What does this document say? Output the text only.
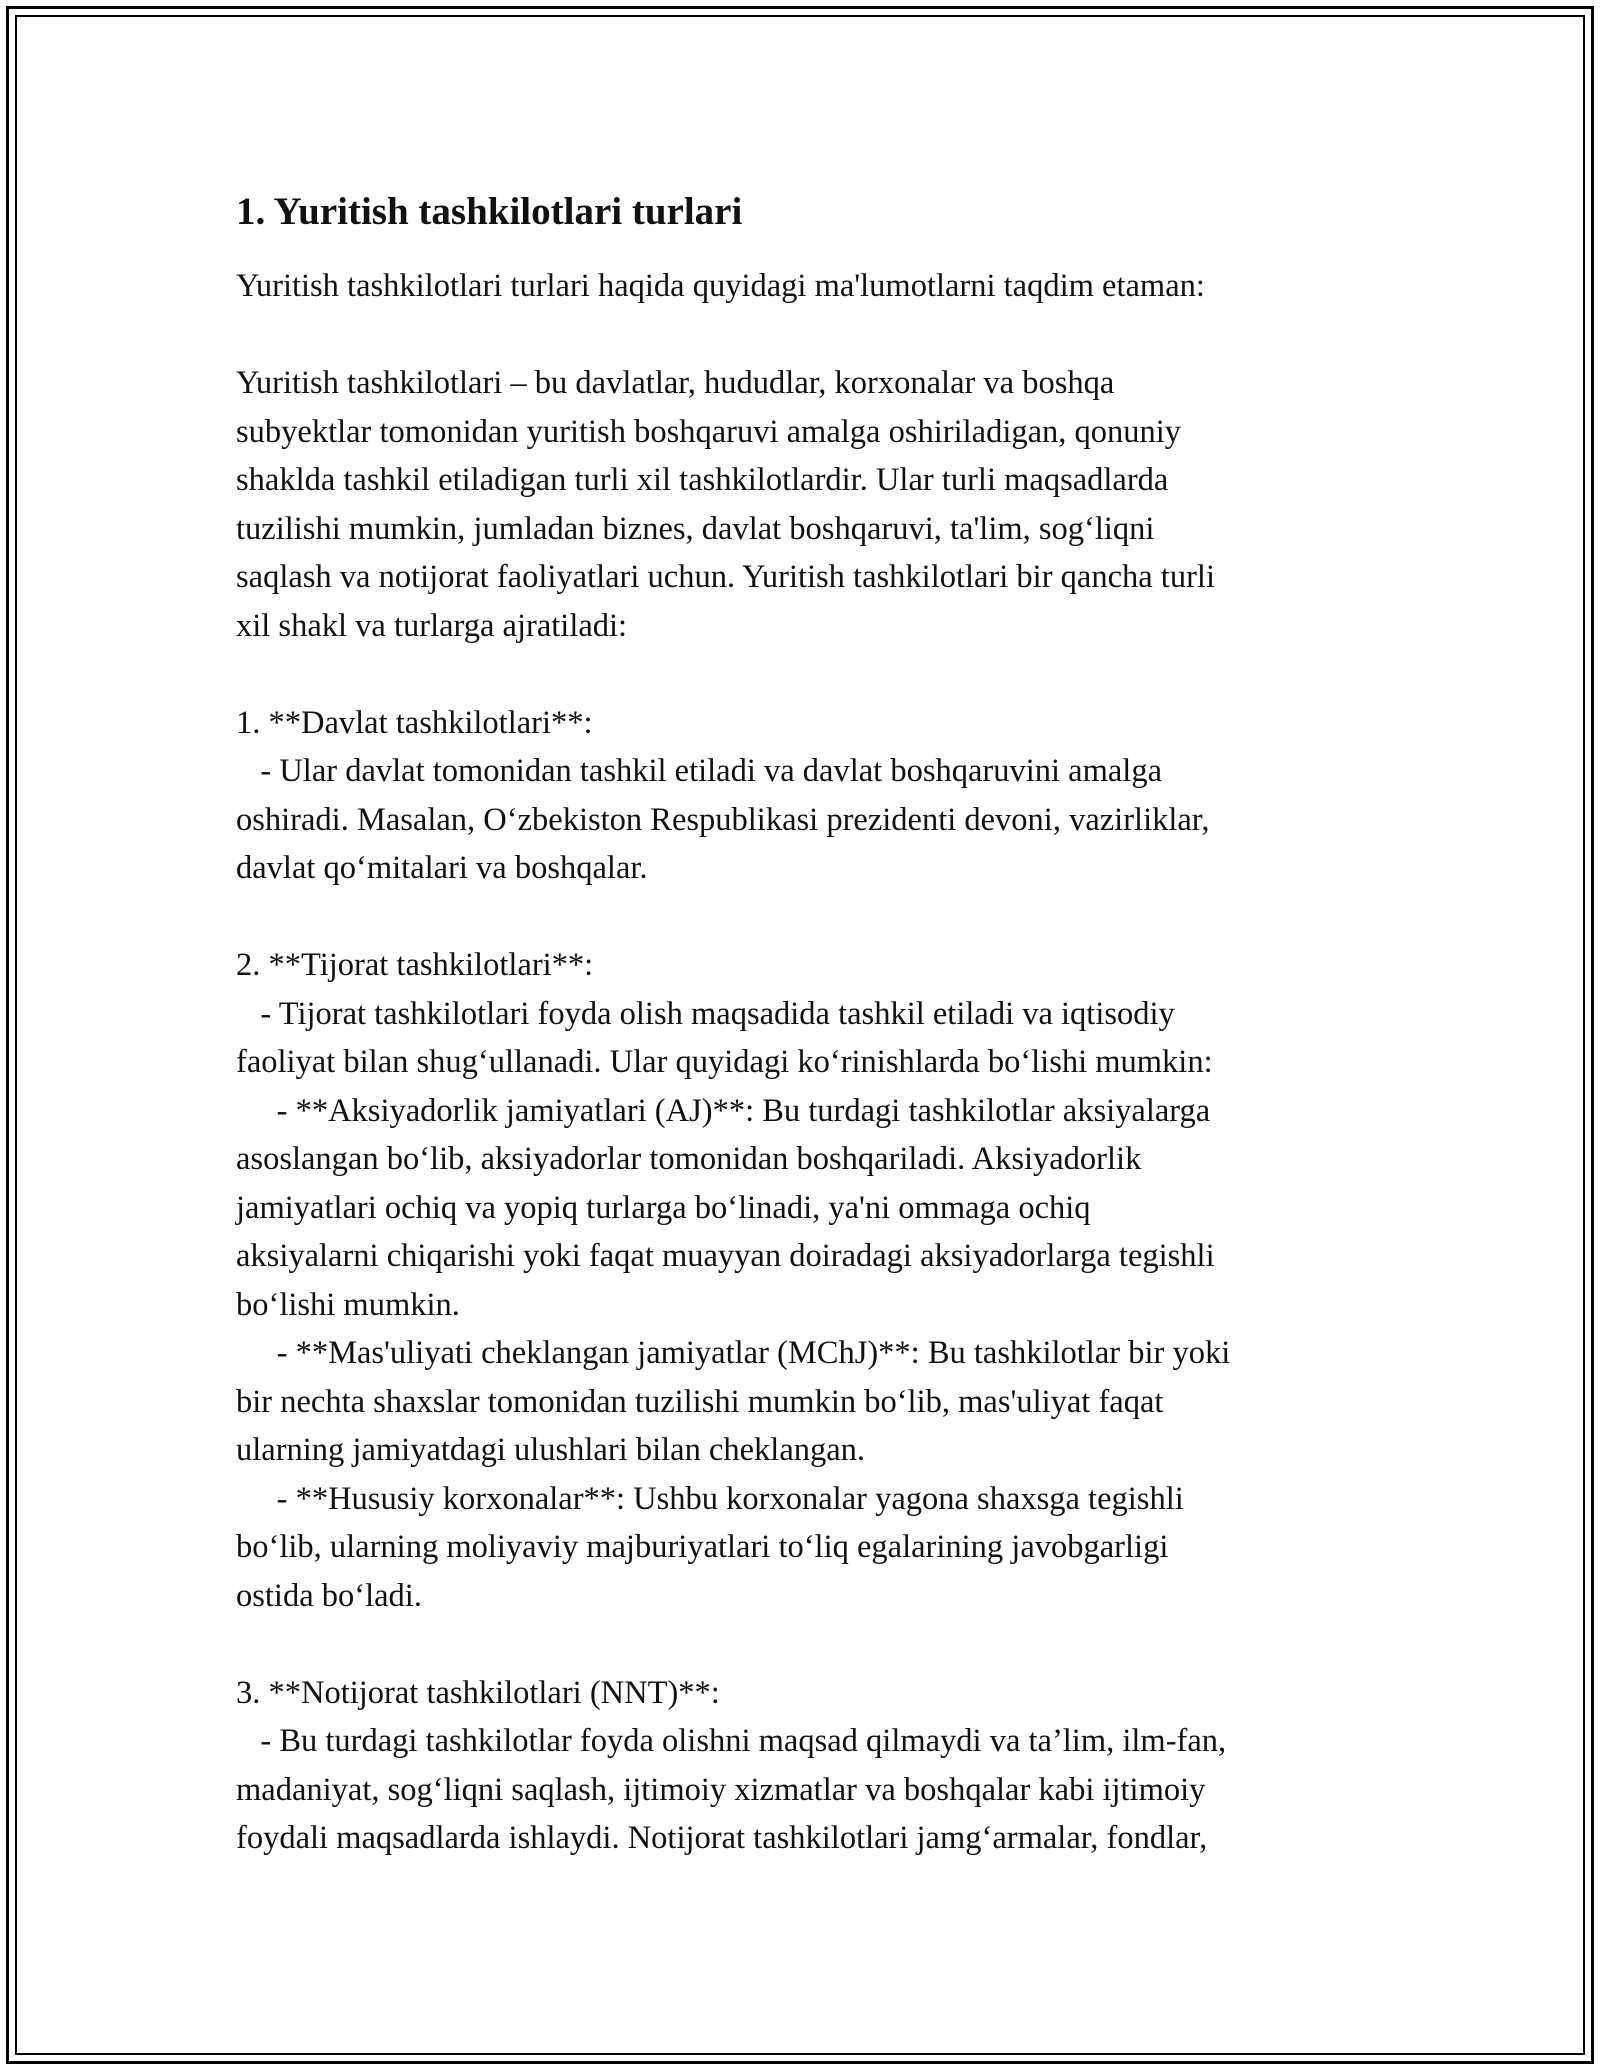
1. Yuritish tashkilotlari turlari
Yuritish tashkilotlari turlari haqida quyidagi ma'lumotlarni taqdim etaman:
Yuritish tashkilotlari – bu davlatlar, hududlar, korxonalar va boshqa
subyektlar tomonidan yuritish boshqaruvi amalga oshiriladigan, qonuniy
shaklda tashkil etiladigan turli xil tashkilotlardir. Ular turli maqsadlarda
tuzilishi mumkin, jumladan biznes, davlat boshqaruvi, ta'lim, sog‘liqni
saqlash va notijorat faoliyatlari uchun. Yuritish tashkilotlari bir qancha turli
xil shakl va turlarga ajratiladi:
1. **Davlat tashkilotlari**:
- Ular davlat tomonidan tashkil etiladi va davlat boshqaruvini amalga
oshiradi. Masalan, O‘zbekiston Respublikasi prezidenti devoni, vazirliklar,
davlat qo‘mitalari va boshqalar.
2. **Tijorat tashkilotlari**:
- Tijorat tashkilotlari foyda olish maqsadida tashkil etiladi va iqtisodiy
faoliyat bilan shug‘ullanadi. Ular quyidagi ko‘rinishlarda bo‘lishi mumkin:
- **Aksiyadorlik jamiyatlari (AJ)**: Bu turdagi tashkilotlar aksiyalarga
asoslangan bo‘lib, aksiyadorlar tomonidan boshqariladi. Aksiyadorlik
jamiyatlari ochiq va yopiq turlarga bo‘linadi, ya'ni ommaga ochiq
aksiyalarni chiqarishi yoki faqat muayyan doiradagi aksiyadorlarga tegishli
bo‘lishi mumkin.
- **Mas'uliyati cheklangan jamiyatlar (MChJ)**: Bu tashkilotlar bir yoki
bir nechta shaxslar tomonidan tuzilishi mumkin bo‘lib, mas'uliyat faqat
ularning jamiyatdagi ulushlari bilan cheklangan.
- **Hususiy korxonalar**: Ushbu korxonalar yagona shaxsga tegishli
bo‘lib, ularning moliyaviy majburiyatlari to‘liq egalarining javobgarligi
ostida bo‘ladi.
3. **Notijorat tashkilotlari (NNT)**:
- Bu turdagi tashkilotlar foyda olishni maqsad qilmaydi va ta’lim, ilm-fan,
madaniyat, sog‘liqni saqlash, ijtimoiy xizmatlar va boshqalar kabi ijtimoiy
foydali maqsadlarda ishlaydi. Notijorat tashkilotlari jamg‘armalar, fondlar,
